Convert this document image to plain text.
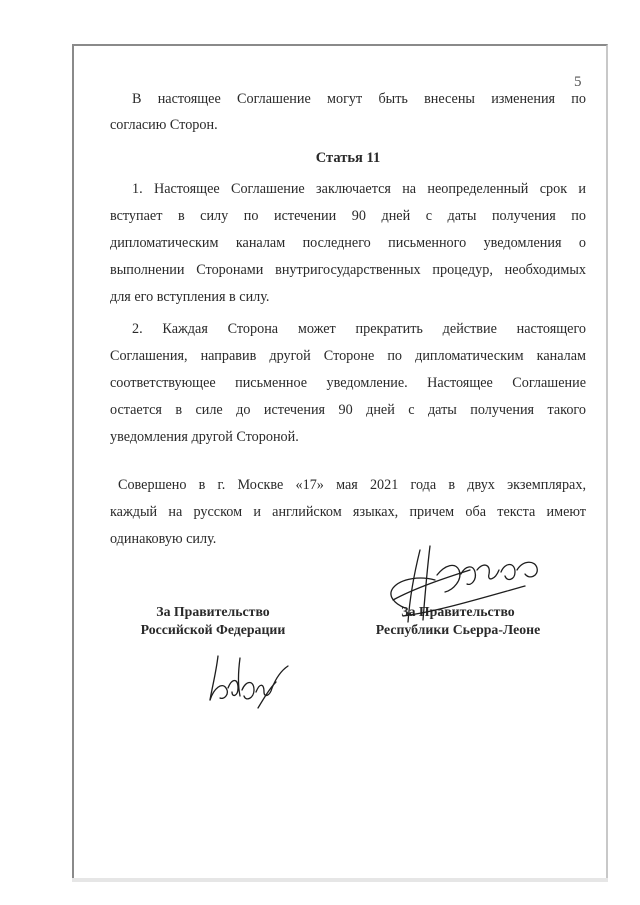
5
В настоящее Соглашение могут быть внесены изменения по
согласию Сторон.
Статья 11
1. Настоящее Соглашение заключается на неопределенный срок и
вступает в силу по истечении 90 дней с даты получения по
дипломатическим каналам последнего письменного уведомления о
выполнении Сторонами внутригосударственных процедур, необходимых
для его вступления в силу.
2. Каждая Сторона может прекратить действие настоящего
Соглашения, направив другой Стороне по дипломатическим каналам
соответствующее письменное уведомление. Настоящее Соглашение
остается в силе до истечения 90 дней с даты получения такого
уведомления другой Стороной.
Совершено в г. Москве «17» мая 2021 года в двух экземплярах,
каждый на русском и английском языках, причем оба текста имеют
одинаковую силу.
За Правительство
Российской Федерации
За Правительство
Республики Сьерра-Леоне
